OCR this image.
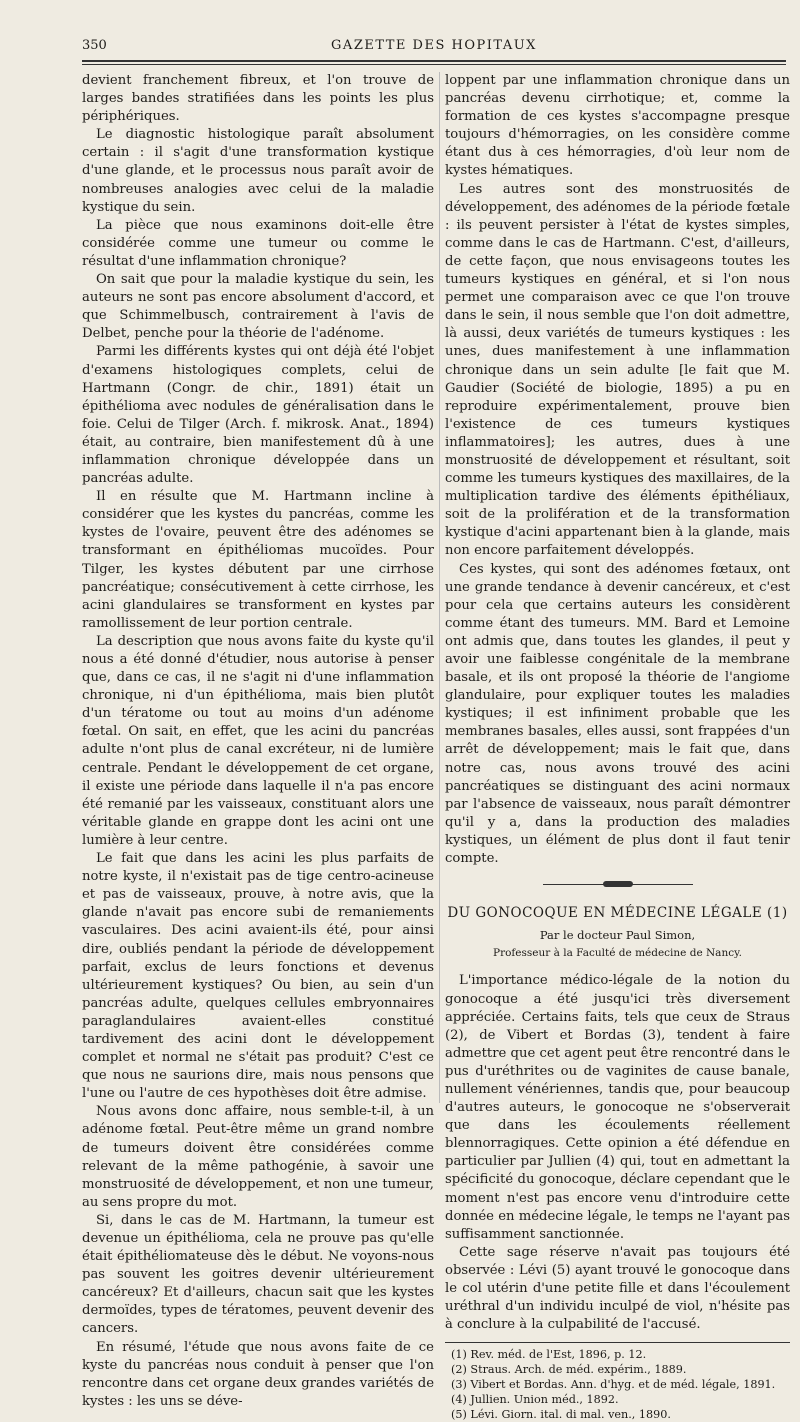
350	GAZETTE DES HOPITAUX

devient franchement fibreux, et l'on trouve de larges bandes stratifiées dans les points les plus périphériques.

Le diagnostic histologique paraît absolument certain : il s'agit d'une transformation kystique d'une glande, et le processus nous paraît avoir de nombreuses analogies avec celui de la maladie kystique du sein.

La pièce que nous examinons doit-elle être considérée comme une tumeur ou comme le résultat d'une inflammation chronique?

On sait que pour la maladie kystique du sein, les auteurs ne sont pas encore absolument d'accord, et que Schimmelbusch, contrairement à l'avis de Delbet, penche pour la théorie de l'adénome.

Parmi les différents kystes qui ont déjà été l'objet d'examens histologiques complets, celui de Hartmann (Congr. de chir., 1891) était un épithélioma avec nodules de généralisation dans le foie. Celui de Tilger (Arch. f. mikrosk. Anat., 1894) était, au contraire, bien manifestement dû à une inflammation chronique développée dans un pancréas adulte.

Il en résulte que M. Hartmann incline à considérer que les kystes du pancréas, comme les kystes de l'ovaire, peuvent être des adénomes se transformant en épithéliomas mucoïdes. Pour Tilger, les kystes débutent par une cirrhose pancréatique; consécutivement à cette cirrhose, les acini glandulaires se transforment en kystes par ramollissement de leur portion centrale.

La description que nous avons faite du kyste qu'il nous a été donné d'étudier, nous autorise à penser que, dans ce cas, il ne s'agit ni d'une inflammation chronique, ni d'un épithélioma, mais bien plutôt d'un tératome ou tout au moins d'un adénome fœtal. On sait, en effet, que les acini du pancréas adulte n'ont plus de canal excréteur, ni de lumière centrale. Pendant le développement de cet organe, il existe une période dans laquelle il n'a pas encore été remanié par les vaisseaux, constituant alors une véritable glande en grappe dont les acini ont une lumière à leur centre.

Le fait que dans les acini les plus parfaits de notre kyste, il n'existait pas de tige centro-acineuse et pas de vaisseaux, prouve, à notre avis, que la glande n'avait pas encore subi de remaniements vasculaires. Des acini avaient-ils été, pour ainsi dire, oubliés pendant la période de développement parfait, exclus de leurs fonctions et devenus ultérieurement kystiques? Ou bien, au sein d'un pancréas adulte, quelques cellules embryonnaires paraglandulaires avaient-elles constitué tardivement des acini dont le développement complet et normal ne s'était pas produit? C'est ce que nous ne saurions dire, mais nous pensons que l'une ou l'autre de ces hypothèses doit être admise.

Nous avons donc affaire, nous semble-t-il, à un adénome fœtal. Peut-être même un grand nombre de tumeurs doivent être considérées comme relevant de la même pathogénie, à savoir une monstruosité de développement, et non une tumeur, au sens propre du mot.

Si, dans le cas de M. Hartmann, la tumeur est devenue un épithélioma, cela ne prouve pas qu'elle était épithéliomateuse dès le début. Ne voyons-nous pas souvent les goitres devenir ultérieurement cancéreux? Et d'ailleurs, chacun sait que les kystes dermoïdes, types de tératomes, peuvent devenir des cancers.

En résumé, l'étude que nous avons faite de ce kyste du pancréas nous conduit à penser que l'on rencontre dans cet organe deux grandes variétés de kystes : les uns se déve-

loppent par une inflammation chronique dans un pancréas devenu cirrhotique; et, comme la formation de ces kystes s'accompagne presque toujours d'hémorragies, on les considère comme étant dus à ces hémorragies, d'où leur nom de kystes hématiques.

Les autres sont des monstruosités de développement, des adénomes de la période fœtale : ils peuvent persister à l'état de kystes simples, comme dans le cas de Hartmann. C'est, d'ailleurs, de cette façon, que nous envisageons toutes les tumeurs kystiques en général, et si l'on nous permet une comparaison avec ce que l'on trouve dans le sein, il nous semble que l'on doit admettre, là aussi, deux variétés de tumeurs kystiques : les unes, dues manifestement à une inflammation chronique dans un sein adulte [le fait que M. Gaudier (Société de biologie, 1895) a pu en reproduire expérimentalement, prouve bien l'existence de ces tumeurs kystiques inflammatoires]; les autres, dues à une monstruosité de développement et résultant, soit comme les tumeurs kystiques des maxillaires, de la multiplication tardive des éléments épithéliaux, soit de la prolifération et de la transformation kystique d'acini appartenant bien à la glande, mais non encore parfaitement développés.

Ces kystes, qui sont des adénomes fœtaux, ont une grande tendance à devenir cancéreux, et c'est pour cela que certains auteurs les considèrent comme étant des tumeurs. MM. Bard et Lemoine ont admis que, dans toutes les glandes, il peut y avoir une faiblesse congénitale de la membrane basale, et ils ont proposé la théorie de l'angiome glandulaire, pour expliquer toutes les maladies kystiques; il est infiniment probable que les membranes basales, elles aussi, sont frappées d'un arrêt de développement; mais le fait que, dans notre cas, nous avons trouvé des acini pancréatiques se distinguant des acini normaux par l'absence de vaisseaux, nous paraît démontrer qu'il y a, dans la production des maladies kystiques, un élément de plus dont il faut tenir compte.

DU GONOCOQUE EN MÉDECINE LÉGALE (1)
Par le docteur Paul Simon,
Professeur à la Faculté de médecine de Nancy.

L'importance médico-légale de la notion du gonocoque a été jusqu'ici très diversement appréciée. Certains faits, tels que ceux de Straus (2), de Vibert et Bordas (3), tendent à faire admettre que cet agent peut être rencontré dans le pus d'uréthrites ou de vaginites de cause banale, nullement vénériennes, tandis que, pour beaucoup d'autres auteurs, le gonocoque ne s'observerait que dans les écoulements réellement blennorragiques. Cette opinion a été défendue en particulier par Jullien (4) qui, tout en admettant la spécificité du gonocoque, déclare cependant que le moment n'est pas encore venu d'introduire cette donnée en médecine légale, le temps ne l'ayant pas suffisamment sanctionnée.

Cette sage réserve n'avait pas toujours été observée : Lévi (5) ayant trouvé le gonocoque dans le col utérin d'une petite fille et dans l'écoulement uréthral d'un individu inculpé de viol, n'hésite pas à conclure à la culpabilité de l'accusé.

(1) Rev. méd. de l'Est, 1896, p. 12.
(2) Straus. Arch. de méd. expérim., 1889.
(3) Vibert et Bordas. Ann. d'hyg. et de méd. légale, 1891.
(4) Jullien. Union méd., 1892.
(5) Lévi. Giorn. ital. di mal. ven., 1890.
